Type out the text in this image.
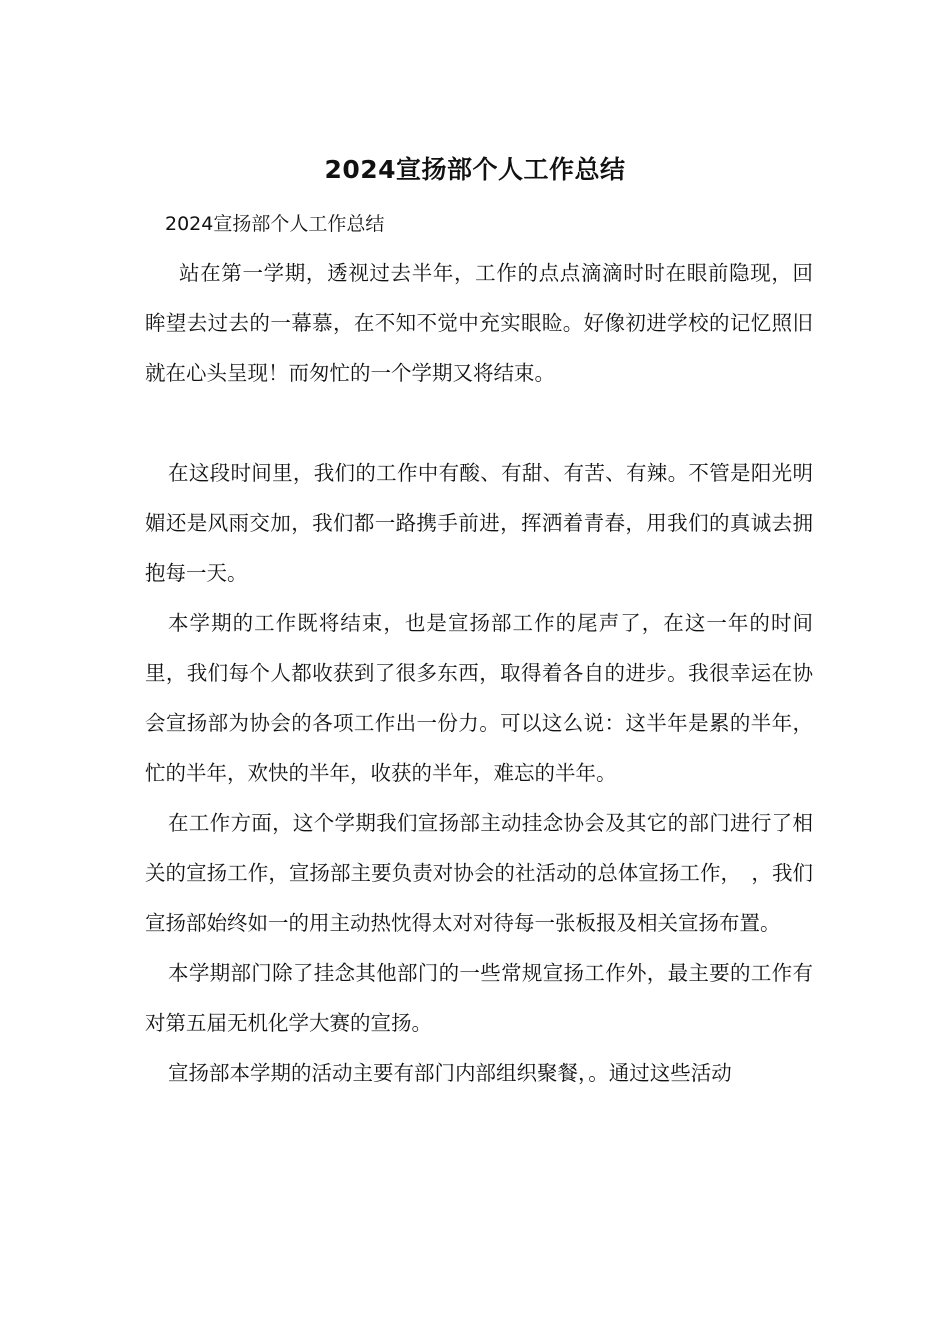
2024宣扬部个人工作总结
2024宣扬部个人工作总结

站在第一学期，透视过去半年，工作的点点滴滴时时在眼前隐现，回眸望去过去的一幕慕，在不知不觉中充实眼睑。好像初进学校的记忆照旧就在心头呈现！而匆忙的一个学期又将结束。

在这段时间里，我们的工作中有酸、有甜、有苦、有辣。不管是阳光明媚还是风雨交加，我们都一路携手前进，挥洒着青春，用我们的真诚去拥抱每一天。

本学期的工作既将结束，也是宣扬部工作的尾声了，在这一年的时间里，我们每个人都收获到了很多东西，取得着各自的进步。我很幸运在协会宣扬部为协会的各项工作出一份力。可以这么说：这半年是累的半年，忙的半年，欢快的半年，收获的半年，难忘的半年。

在工作方面，这个学期我们宣扬部主动挂念协会及其它的部门进行了相关的宣扬工作，宣扬部主要负责对协会的社活动的总体宣扬工作，　，我们宣扬部始终如一的用主动热忱得太对对待每一张板报及相关宣扬布置。

本学期部门除了挂念其他部门的一些常规宣扬工作外，最主要的工作有对第五届无机化学大赛的宣扬。

宣扬部本学期的活动主要有部门内部组织聚餐，。通过这些活动
